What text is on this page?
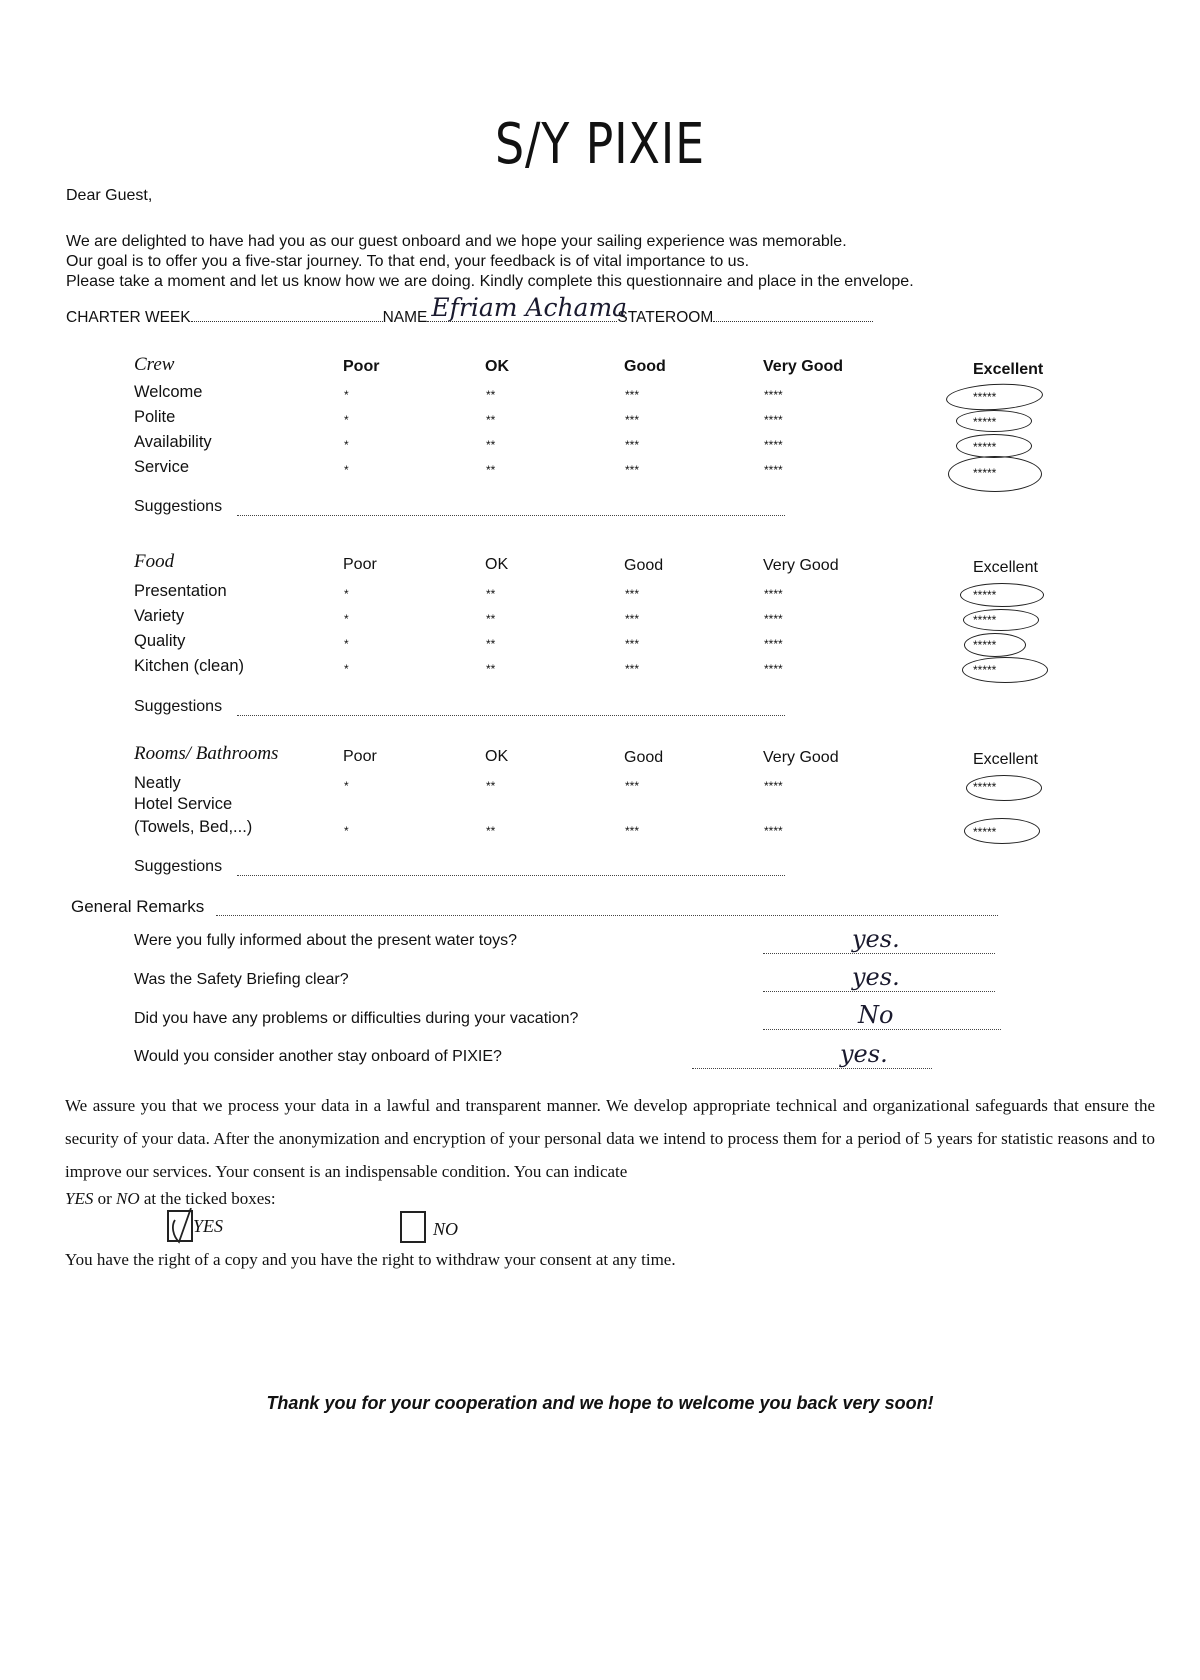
S/Y PIXIE
Dear Guest,
We are delighted to have had you as our guest onboard and we hope your sailing experience was memorable.
Our goal is to offer you a five-star journey. To that end, your feedback is of vital importance to us.
Please take a moment and let us know how we are doing. Kindly complete this questionnaire and place in the envelope.
CHARTER WEEK	NAME Efriam Achama
STATEROOM
Crew	Poor	OK	Good	Very Good	Excellent
Welcome	*	**	***	****	*****
Polite	*	**	***	****	*****
Availability	*	**	***	****	*****
Service	*	**	***	****	*****
Suggestions
Food	Poor	OK	Good	Very Good	Excellent
Presentation	*	**	***	****	*****
Variety	*	**	***	****	*****
Quality	*	**	***	****	*****
Kitchen (clean)	*	**	***	****	*****
Suggestions
Rooms/ Bathrooms	Poor	OK	Good	Very Good	Excellent
Neatly	*	**	***	****	*****
Hotel Service
(Towels, Bed,...)	*	**	***	****	*****
Suggestions
General Remarks
Were you fully informed about the present water toys?	yes.
Was the Safety Briefing clear?	yes.
Did you have any problems or difficulties during your vacation?	No
Would you consider another stay onboard of PIXIE?	yes.
We assure you that we process your data in a lawful and transparent manner. We develop appropriate technical and organizational safeguards that ensure the security of your data. After the anonymization and encryption of your personal data we intend to process them for a period of 5 years for statistic reasons and to improve our services. Your consent is an indispensable condition. You can indicate
YES or NO at the ticked boxes:
YES	NO
You have the right of a copy and you have the right to withdraw your consent at any time.
Thank you for your cooperation and we hope to welcome you back very soon!
